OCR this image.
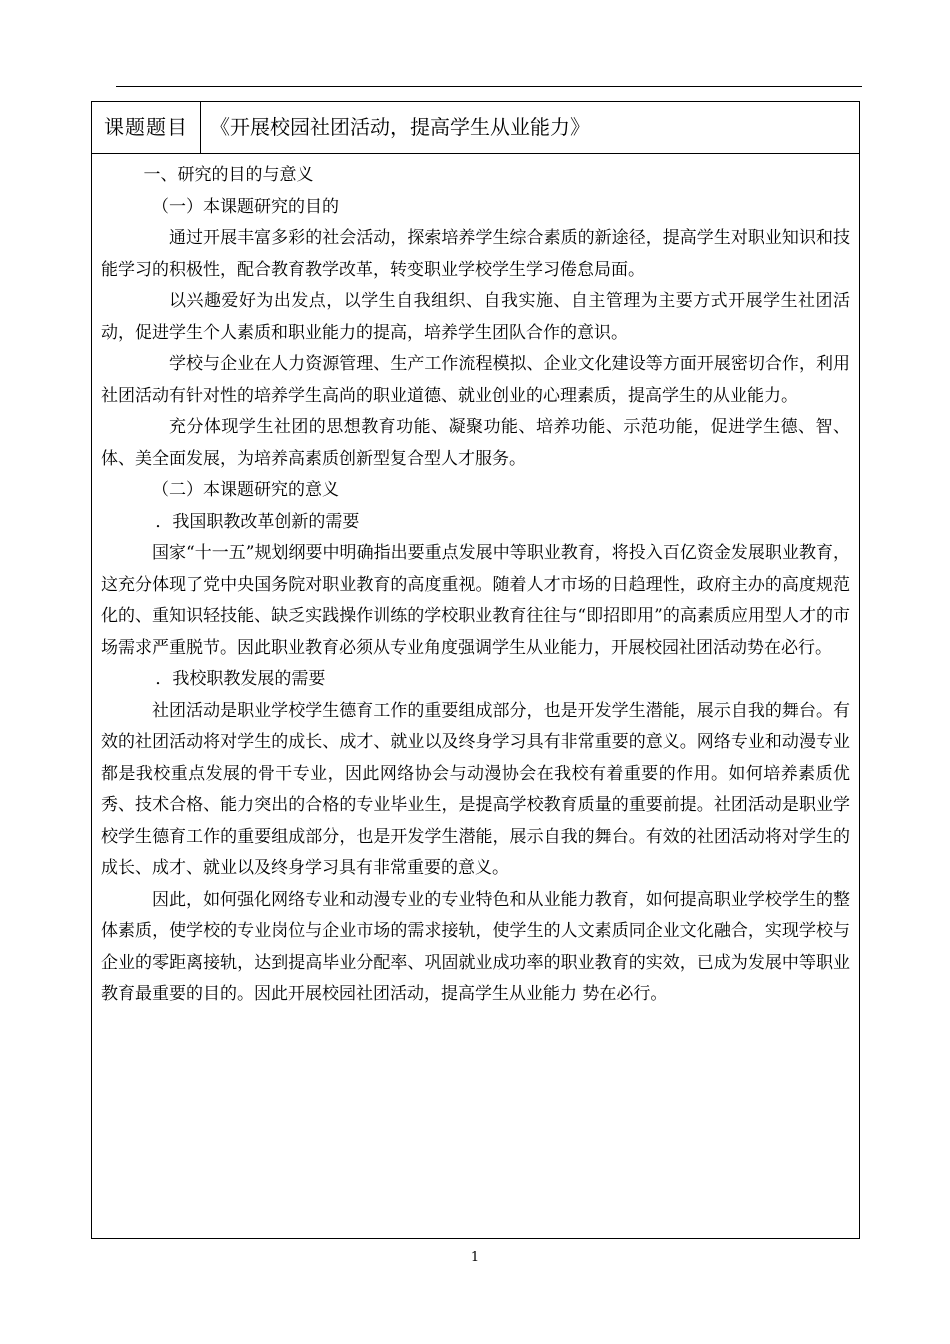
课题题目	《开展校园社团活动，提高学生从业能力》

一、研究的目的与意义

（一）本课题研究的目的

通过开展丰富多彩的社会活动，探索培养学生综合素质的新途径，提高学生对职业知识和技能学习的积极性，配合教育教学改革，转变职业学校学生学习倦怠局面。

以兴趣爱好为出发点，以学生自我组织、自我实施、自主管理为主要方式开展学生社团活动，促进学生个人素质和职业能力的提高，培养学生团队合作的意识。

学校与企业在人力资源管理、生产工作流程模拟、企业文化建设等方面开展密切合作，利用社团活动有针对性的培养学生高尚的职业道德、就业创业的心理素质，提高学生的从业能力。

充分体现学生社团的思想教育功能、凝聚功能、培养功能、示范功能，促进学生德、智、体、美全面发展，为培养高素质创新型复合型人才服务。

（二）本课题研究的意义

．我国职教改革创新的需要

国家“十一五”规划纲要中明确指出要重点发展中等职业教育，将投入百亿资金发展职业教育，这充分体现了党中央国务院对职业教育的高度重视。随着人才市场的日趋理性，政府主办的高度规范化的、重知识轻技能、缺乏实践操作训练的学校职业教育往往与“即招即用”的高素质应用型人才的市场需求严重脱节。因此职业教育必须从专业角度强调学生从业能力，开展校园社团活动势在必行。

．我校职教发展的需要

社团活动是职业学校学生德育工作的重要组成部分，也是开发学生潜能，展示自我的舞台。有效的社团活动将对学生的成长、成才、就业以及终身学习具有非常重要的意义。网络专业和动漫专业都是我校重点发展的骨干专业，因此网络协会与动漫协会在我校有着重要的作用。如何培养素质优秀、技术合格、能力突出的合格的专业毕业生，是提高学校教育质量的重要前提。社团活动是职业学校学生德育工作的重要组成部分，也是开发学生潜能，展示自我的舞台。有效的社团活动将对学生的成长、成才、就业以及终身学习具有非常重要的意义。

因此，如何强化网络专业和动漫专业的专业特色和从业能力教育，如何提高职业学校学生的整体素质，使学校的专业岗位与企业市场的需求接轨，使学生的人文素质同企业文化融合，实现学校与企业的零距离接轨，达到提高毕业分配率、巩固就业成功率的职业教育的实效，已成为发展中等职业教育最重要的目的。因此开展校园社团活动，提高学生从业能力 势在必行。

1
